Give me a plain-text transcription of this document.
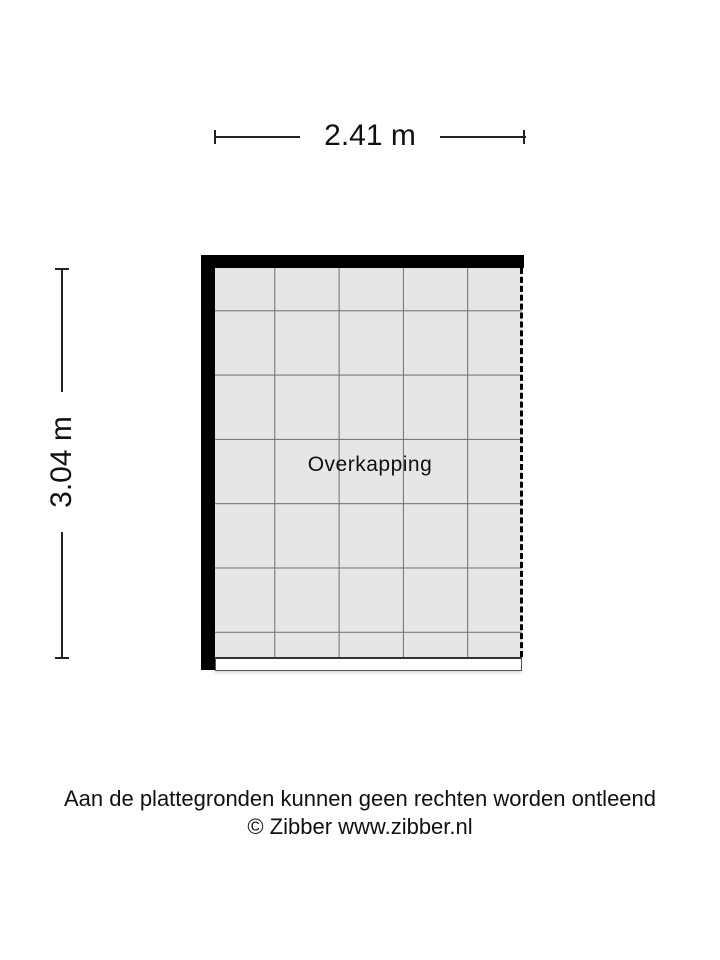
2.41 m
3.04 m	Overkapping
Aan de plattegronden kunnen geen rechten worden ontleend
© Zibber www.zibber.nl
